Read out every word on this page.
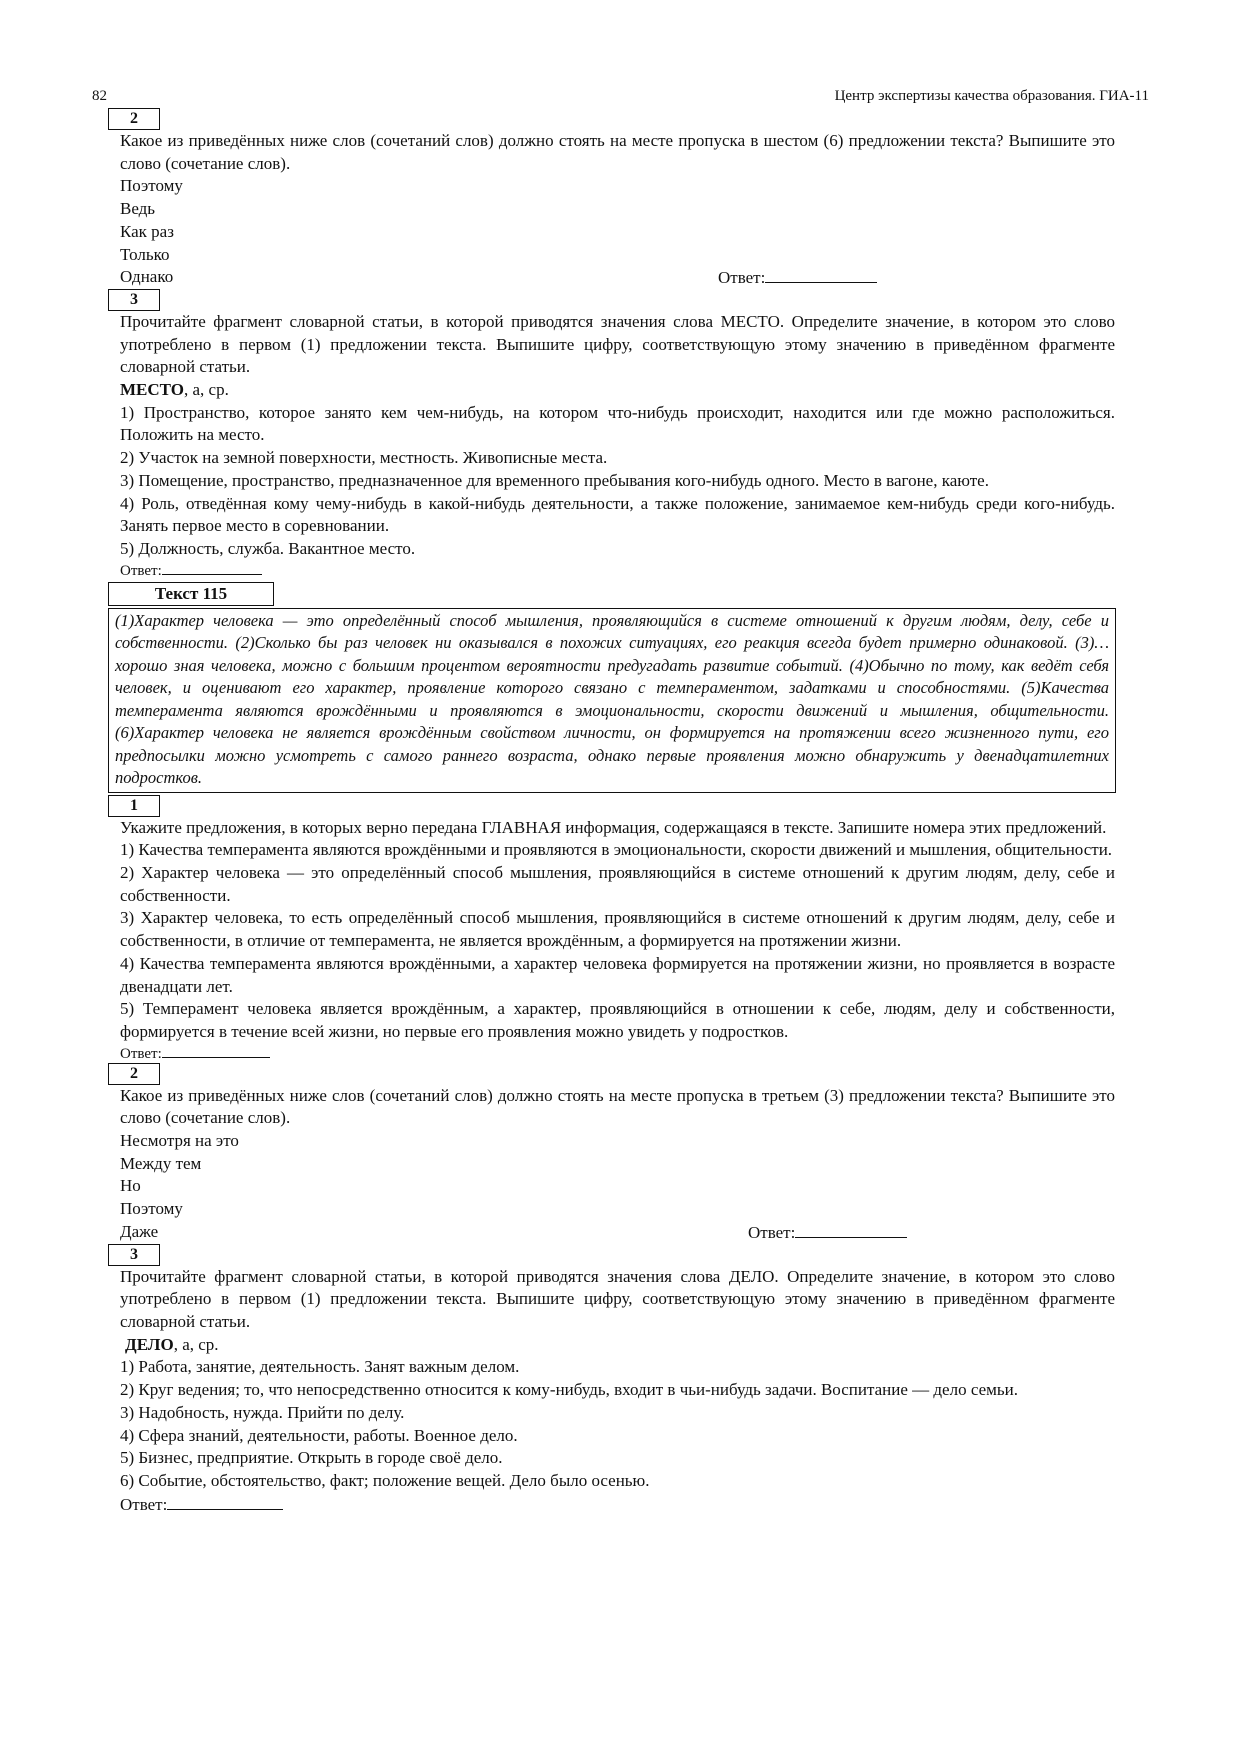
82	Центр экспертизы качества образования. ГИА-11
2

Какое из приведённых ниже слов (сочетаний слов) должно стоять на месте пропуска в шестом (6) предложении текста? Выпишите это слово (сочетание слов).

Поэтому
Ведь
Как раз
Только
Однако	Ответ:
3

Прочитайте фрагмент словарной статьи, в которой приводятся значения слова МЕСТО. Определите значение, в котором это слово употреблено в первом (1) предложении текста. Выпишите цифру, соответствующую этому значению в приведённом фрагменте словарной статьи.

МЕСТО, а, ср.

1) Пространство, которое занято кем чем-нибудь, на котором что-нибудь происходит, находится или где можно расположиться. Положить на место.

2) Участок на земной поверхности, местность. Живописные места.

3) Помещение, пространство, предназначенное для временного пребывания кого-нибудь одного. Место в вагоне, каюте.

4) Роль, отведённая кому чему-нибудь в какой-нибудь деятельности, а также положение, занимаемое кем-нибудь среди кого-нибудь. Занять первое место в соревновании.

5) Должность, служба. Вакантное место.

Ответ:
Текст 115
(1)Характер человека — это определённый способ мышления, проявляющийся в системе отношений к другим людям, делу, себе и собственности. (2)Сколько бы раз человек ни оказывался в похожих ситуациях, его реакция всегда будет примерно одинаковой. (3)… хорошо зная человека, можно с большим процентом вероятности предугадать развитие событий. (4)Обычно по тому, как ведёт себя человек, и оценивают его характер, проявление которого связано с темпераментом, задатками и способностями. (5)Качества темперамента являются врождёнными и проявляются в эмоциональности, скорости движений и мышления, общительности. (6)Характер человека не является врождённым свойством личности, он формируется на протяжении всего жизненного пути, его предпосылки можно усмотреть с самого раннего возраста, однако первые проявления можно обнаружить у двенадцатилетних подростков.
1

Укажите предложения, в которых верно передана ГЛАВНАЯ информация, содержащаяся в тексте. Запишите номера этих предложений.

1) Качества темперамента являются врождёнными и проявляются в эмоциональности, скорости движений и мышления, общительности.

2) Характер человека — это определённый способ мышления, проявляющийся в системе отношений к другим людям, делу, себе и собственности.

3) Характер человека, то есть определённый способ мышления, проявляющийся в системе отношений к другим людям, делу, себе и собственности, в отличие от темперамента, не является врождённым, а формируется на протяжении жизни.

4) Качества темперамента являются врождёнными, а характер человека формируется на протяжении жизни, но проявляется в возрасте двенадцати лет.

5) Темперамент человека является врождённым, а характер, проявляющийся в отношении к себе, людям, делу и собственности, формируется в течение всей жизни, но первые его проявления можно увидеть у подростков.

Ответ:
2

Какое из приведённых ниже слов (сочетаний слов) должно стоять на месте пропуска в третьем (3) предложении текста? Выпишите это слово (сочетание слов).

Несмотря на это
Между тем
Но
Поэтому
Даже	Ответ:
3

Прочитайте фрагмент словарной статьи, в которой приводятся значения слова ДЕЛО. Определите значение, в котором это слово употреблено в первом (1) предложении текста. Выпишите цифру, соответствующую этому значению в приведённом фрагменте словарной статьи.

ДЕЛО, а, ср.

1) Работа, занятие, деятельность. Занят важным делом.

2) Круг ведения; то, что непосредственно относится к кому-нибудь, входит в чьи-нибудь задачи. Воспитание — дело семьи.

3) Надобность, нужда. Прийти по делу.

4) Сфера знаний, деятельности, работы. Военное дело.

5) Бизнес, предприятие. Открыть в городе своё дело.

6) Событие, обстоятельство, факт; положение вещей. Дело было осенью.

Ответ:
